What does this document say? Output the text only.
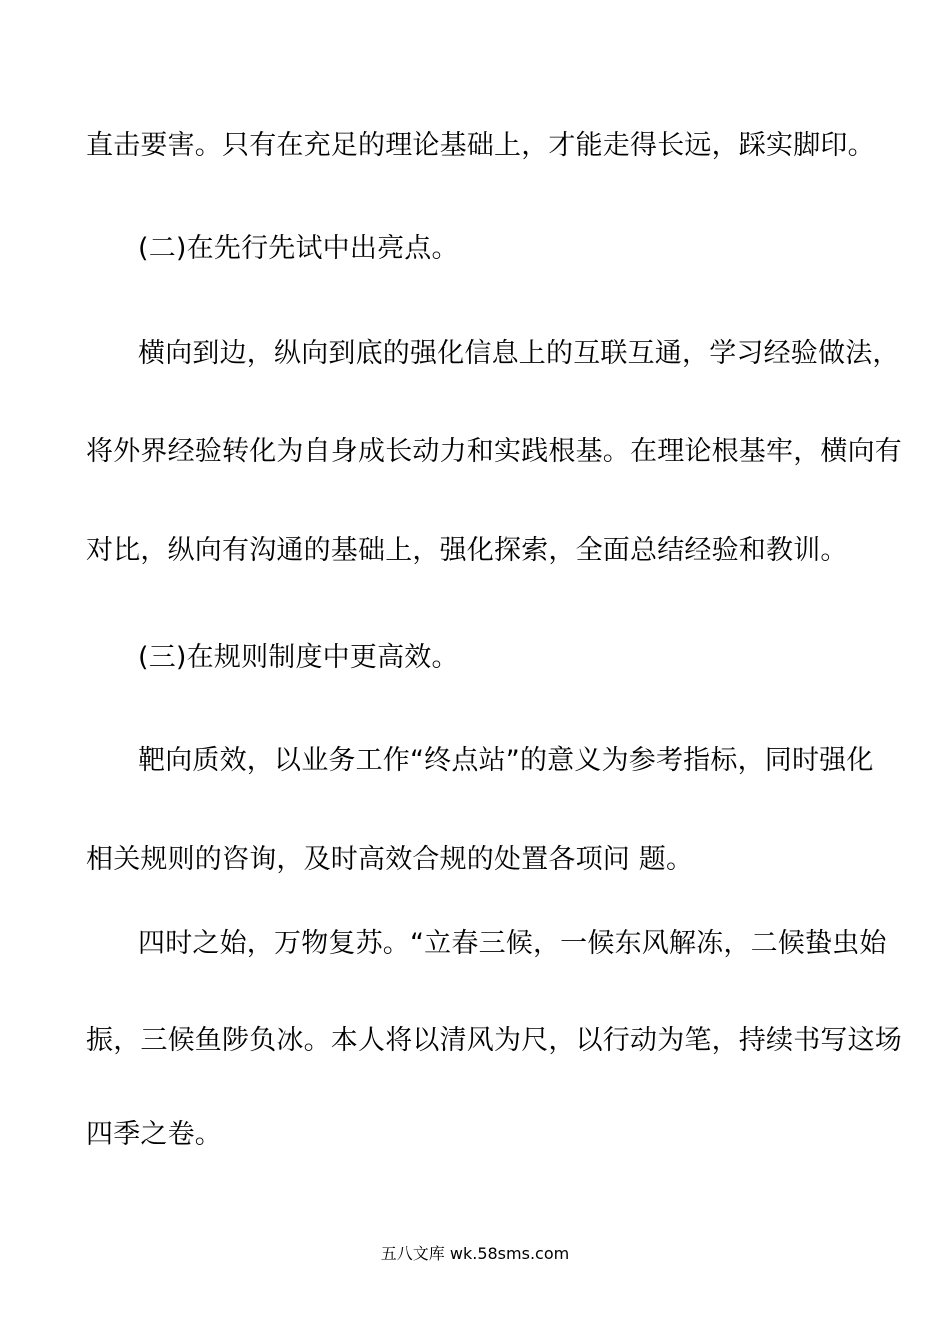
直击要害。只有在充足的理论基础上，才能走得长远，踩实脚印。
(二)在先行先试中出亮点。
横向到边，纵向到底的强化信息上的互联互通，学习经验做法，
将外界经验转化为自身成长动力和实践根基。在理论根基牢，横向有
对比，纵向有沟通的基础上，强化探索，全面总结经验和教训。
(三)在规则制度中更高效。
靶向质效，以业务工作“终点站”的意义为参考指标，同时强化
相关规则的咨询，及时高效合规的处置各项问 题。
四时之始，万物复苏。“立春三候，一候东风解冻，二候蛰虫始
振，三候鱼陟负冰。本人将以清风为尺，以行动为笔，持续书写这场
四季之卷。
五八文库 wk.58sms.com
